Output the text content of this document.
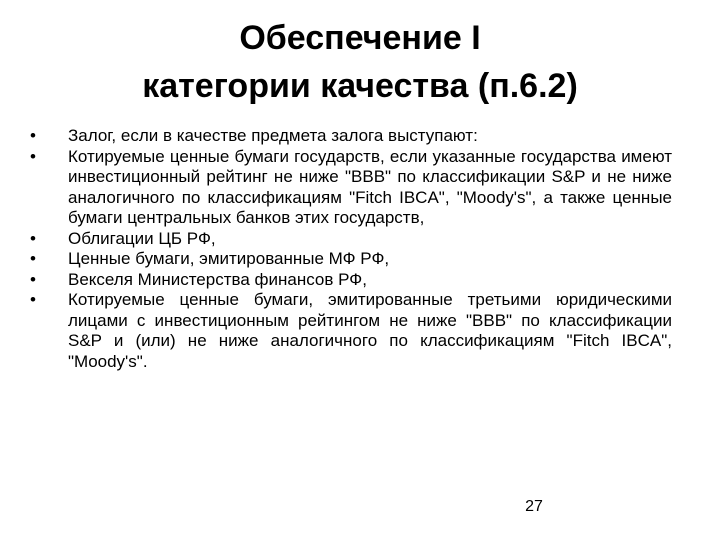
Обеспечение I
категории качества (п.6.2)
•	Залог, если в качестве предмета залога выступают:
•	Котируемые ценные бумаги государств, если указанные государства имеют инвестиционный рейтинг не ниже "BBB" по классификации S&P и не ниже аналогичного по классификациям "Fitch IBCA", "Moody's", а также ценные бумаги центральных банков этих государств,
•	Облигации ЦБ РФ,
•	Ценные бумаги, эмитированные МФ РФ,
•	Векселя Министерства финансов РФ,
•	Котируемые ценные бумаги, эмитированные третьими юридическими лицами с инвестиционным рейтингом не ниже "BBB" по классификации S&P и (или) не ниже аналогичного по классификациям "Fitch IBCA", "Moody's".
27
